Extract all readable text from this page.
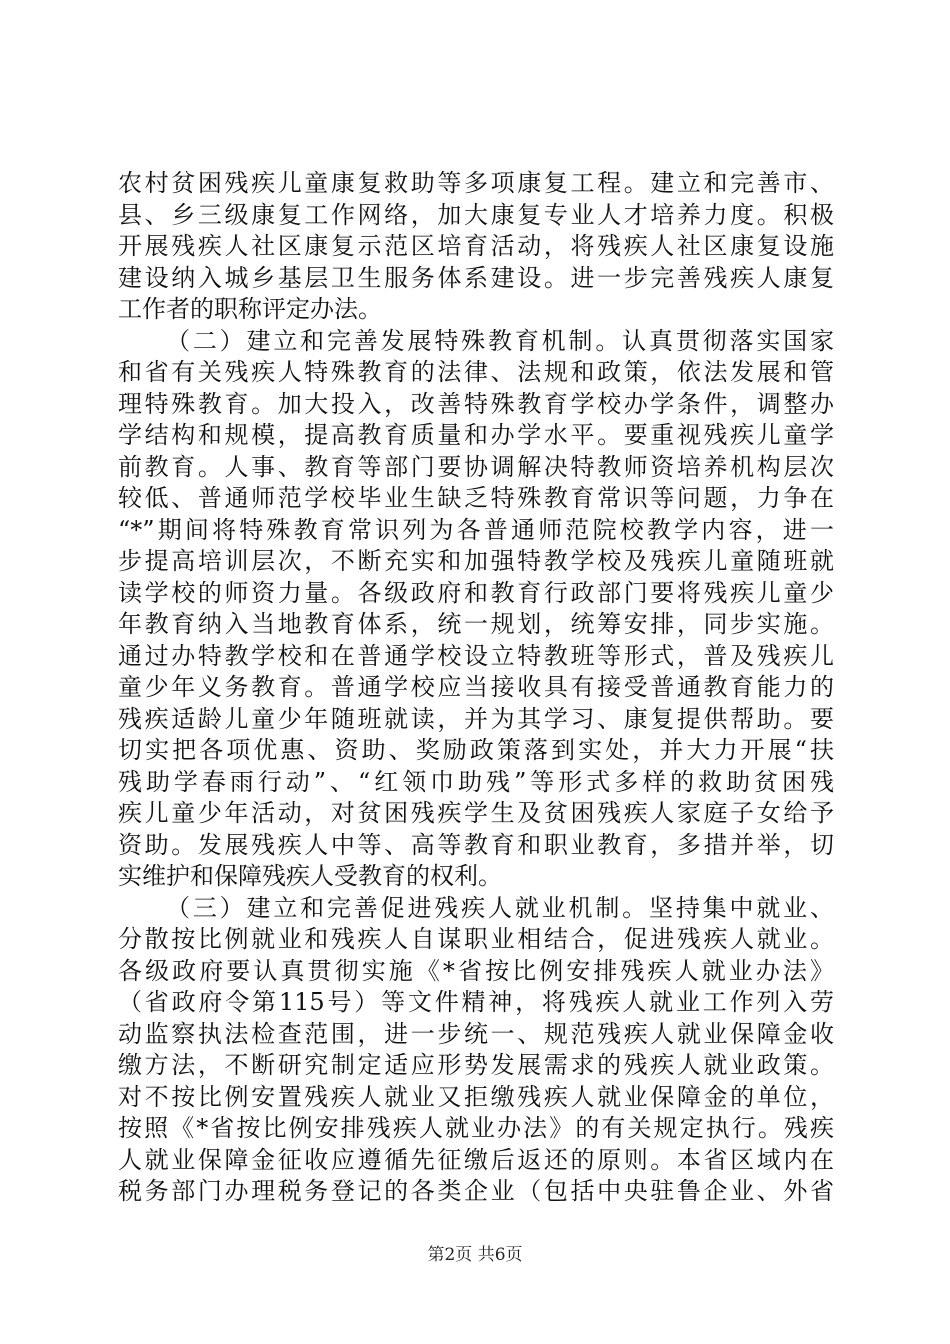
农村贫困残疾儿童康复救助等多项康复工程。建立和完善市、
县、乡三级康复工作网络，加大康复专业人才培养力度。积极
开展残疾人社区康复示范区培育活动，将残疾人社区康复设施
建设纳入城乡基层卫生服务体系建设。进一步完善残疾人康复
工作者的职称评定办法。
（二）建立和完善发展特殊教育机制。认真贯彻落实国家
和省有关残疾人特殊教育的法律、法规和政策，依法发展和管
理特殊教育。加大投入，改善特殊教育学校办学条件，调整办
学结构和规模，提高教育质量和办学水平。要重视残疾儿童学
前教育。人事、教育等部门要协调解决特教师资培养机构层次
较低、普通师范学校毕业生缺乏特殊教育常识等问题，力争在
“*”期间将特殊教育常识列为各普通师范院校教学内容，进一
步提高培训层次，不断充实和加强特教学校及残疾儿童随班就
读学校的师资力量。各级政府和教育行政部门要将残疾儿童少
年教育纳入当地教育体系，统一规划，统筹安排，同步实施。
通过办特教学校和在普通学校设立特教班等形式，普及残疾儿
童少年义务教育。普通学校应当接收具有接受普通教育能力的
残疾适龄儿童少年随班就读，并为其学习、康复提供帮助。要
切实把各项优惠、资助、奖励政策落到实处，并大力开展“扶
残助学春雨行动”、“红领巾助残”等形式多样的救助贫困残
疾儿童少年活动，对贫困残疾学生及贫困残疾人家庭子女给予
资助。发展残疾人中等、高等教育和职业教育，多措并举，切
实维护和保障残疾人受教育的权利。
（三）建立和完善促进残疾人就业机制。坚持集中就业、
分散按比例就业和残疾人自谋职业相结合，促进残疾人就业。
各级政府要认真贯彻实施《*省按比例安排残疾人就业办法》
（省政府令第115号）等文件精神，将残疾人就业工作列入劳
动监察执法检查范围，进一步统一、规范残疾人就业保障金收
缴方法，不断研究制定适应形势发展需求的残疾人就业政策。
对不按比例安置残疾人就业又拒缴残疾人就业保障金的单位，
按照《*省按比例安排残疾人就业办法》的有关规定执行。残疾
人就业保障金征收应遵循先征缴后返还的原则。本省区域内在
税务部门办理税务登记的各类企业（包括中央驻鲁企业、外省
第2页 共6页
